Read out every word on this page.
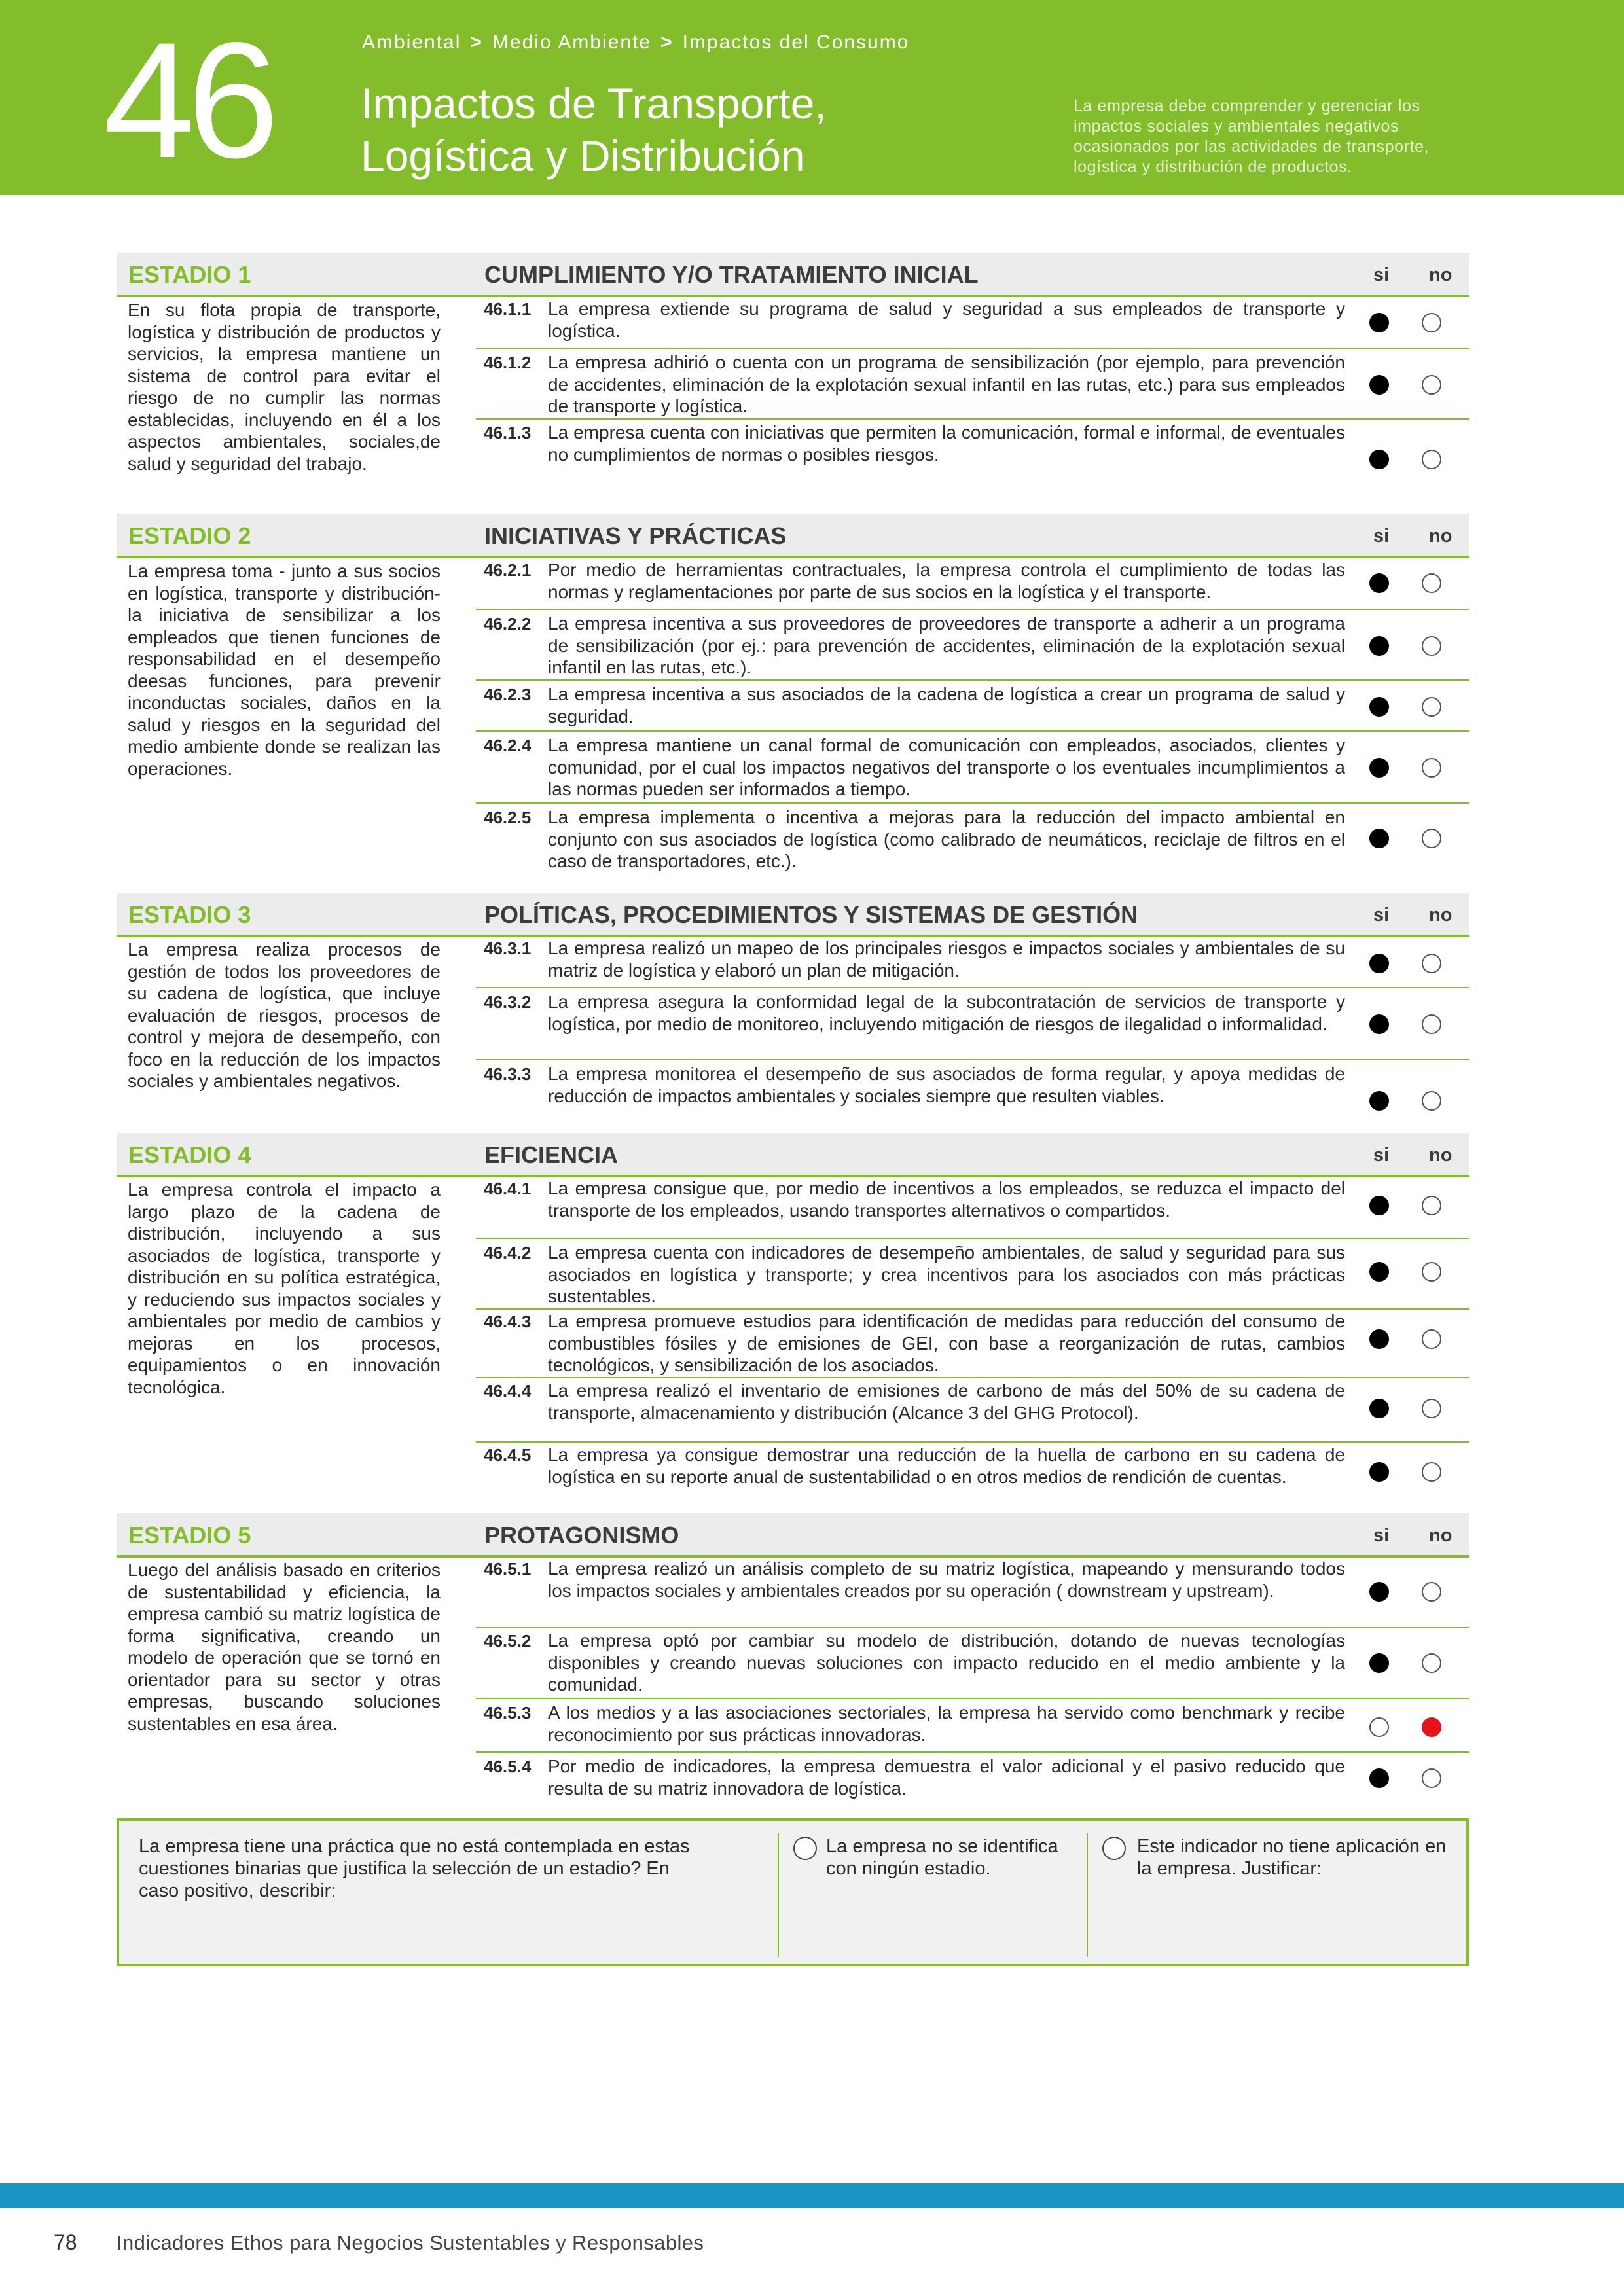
46	Ambiental > Medio Ambiente > Impactos del Consumo
Impactos de Transporte,
Logística y Distribución
La empresa debe comprender y gerenciar los impactos sociales y ambientales negativos ocasionados por las actividades de transporte, logística y distribución de productos.
ESTADIO 1	CUMPLIMIENTO Y/O TRATAMIENTO INICIAL	si no
En su flota propia de transporte, logística y distribución de productos y servicios, la empresa mantiene un sistema de control para evitar el riesgo de no cumplir las normas establecidas, incluyendo en él a los aspectos ambientales, sociales,de salud y seguridad del trabajo.
46.1.1 La empresa extiende su programa de salud y seguridad a sus empleados de transporte y logística.
46.1.2 La empresa adhirió o cuenta con un programa de sensibilización (por ejemplo, para prevención de accidentes, eliminación de la explotación sexual infantil en las rutas, etc.) para sus empleados de transporte y logística.
46.1.3 La empresa cuenta con iniciativas que permiten la comunicación, formal e informal, de eventuales no cumplimientos de normas o posibles riesgos.
ESTADIO 2	INICIATIVAS Y PRÁCTICAS	si no
La empresa toma - junto a sus socios en logística, transporte y distribución- la iniciativa de sensibilizar a los empleados que tienen funciones de responsabilidad en el desempeño deesas funciones, para prevenir inconductas sociales, daños en la salud y riesgos en la seguridad del medio ambiente donde se realizan las operaciones.
46.2.1 Por medio de herramientas contractuales, la empresa controla el cumplimiento de todas las normas y reglamentaciones por parte de sus socios en la logística y el transporte.
46.2.2 La empresa incentiva a sus proveedores de proveedores de transporte a adherir a un programa de sensibilización (por ej.: para prevención de accidentes, eliminación de la explotación sexual infantil en las rutas, etc.).
46.2.3 La empresa incentiva a sus asociados de la cadena de logística a crear un programa de salud y seguridad.
46.2.4 La empresa mantiene un canal formal de comunicación con empleados, asociados, clientes y comunidad, por el cual los impactos negativos del transporte o los eventuales incumplimientos a las normas pueden ser informados a tiempo.
46.2.5 La empresa implementa o incentiva a mejoras para la reducción del impacto ambiental en conjunto con sus asociados de logística (como calibrado de neumáticos, reciclaje de filtros en el caso de transportadores, etc.).
ESTADIO 3	POLÍTICAS, PROCEDIMIENTOS Y SISTEMAS DE GESTIÓN	si no
La empresa realiza procesos de gestión de todos los proveedores de su cadena de logística, que incluye evaluación de riesgos, procesos de control y mejora de desempeño, con foco en la reducción de los impactos sociales y ambientales negativos.
46.3.1 La empresa realizó un mapeo de los principales riesgos e impactos sociales y ambientales de su matriz de logística y elaboró un plan de mitigación.
46.3.2 La empresa asegura la conformidad legal de la subcontratación de servicios de transporte y logística, por medio de monitoreo, incluyendo mitigación de riesgos de ilegalidad o informalidad.
46.3.3 La empresa monitorea el desempeño de sus asociados de forma regular, y apoya medidas de reducción de impactos ambientales y sociales siempre que resulten viables.
ESTADIO 4	EFICIENCIA	si no
La empresa controla el impacto a largo plazo de la cadena de distribución, incluyendo a sus asociados de logística, transporte y distribución en su política estratégica, y reduciendo sus impactos sociales y ambientales por medio de cambios y mejoras en los procesos, equipamientos o en innovación tecnológica.
46.4.1 La empresa consigue que, por medio de incentivos a los empleados, se reduzca el impacto del transporte de los empleados, usando transportes alternativos o compartidos.
46.4.2 La empresa cuenta con indicadores de desempeño ambientales, de salud y seguridad para sus asociados en logística y transporte; y crea incentivos para los asociados con más prácticas sustentables.
46.4.3 La empresa promueve estudios para identificación de medidas para reducción del consumo de combustibles fósiles y de emisiones de GEI, con base a reorganización de rutas, cambios tecnológicos, y sensibilización de los asociados.
46.4.4 La empresa realizó el inventario de emisiones de carbono de más del 50% de su cadena de transporte, almacenamiento y distribución (Alcance 3 del GHG Protocol).
46.4.5 La empresa ya consigue demostrar una reducción de la huella de carbono en su cadena de logística en su reporte anual de sustentabilidad o en otros medios de rendición de cuentas.
ESTADIO 5	PROTAGONISMO	si no
Luego del análisis basado en criterios de sustentabilidad y eficiencia, la empresa cambió su matriz logística de forma significativa, creando un modelo de operación que se tornó en orientador para su sector y otras empresas, buscando soluciones sustentables en esa área.
46.5.1 La empresa realizó un análisis completo de su matriz logística, mapeando y mensurando todos los impactos sociales y ambientales creados por su operación ( downstream y upstream).
46.5.2 La empresa optó por cambiar su modelo de distribución, dotando de nuevas tecnologías disponibles y creando nuevas soluciones con impacto reducido en el medio ambiente y la comunidad.
46.5.3 A los medios y a las asociaciones sectoriales, la empresa ha servido como benchmark y recibe reconocimiento por sus prácticas innovadoras.
46.5.4 Por medio de indicadores, la empresa demuestra el valor adicional y el pasivo reducido que resulta de su matriz innovadora de logística.
La empresa tiene una práctica que no está contemplada en estas cuestiones binarias que justifica la selección de un estadio? En caso positivo, describir:
La empresa no se identifica con ningún estadio.
Este indicador no tiene aplicación en la empresa. Justificar:
78 Indicadores Ethos para Negocios Sustentables y Responsables
